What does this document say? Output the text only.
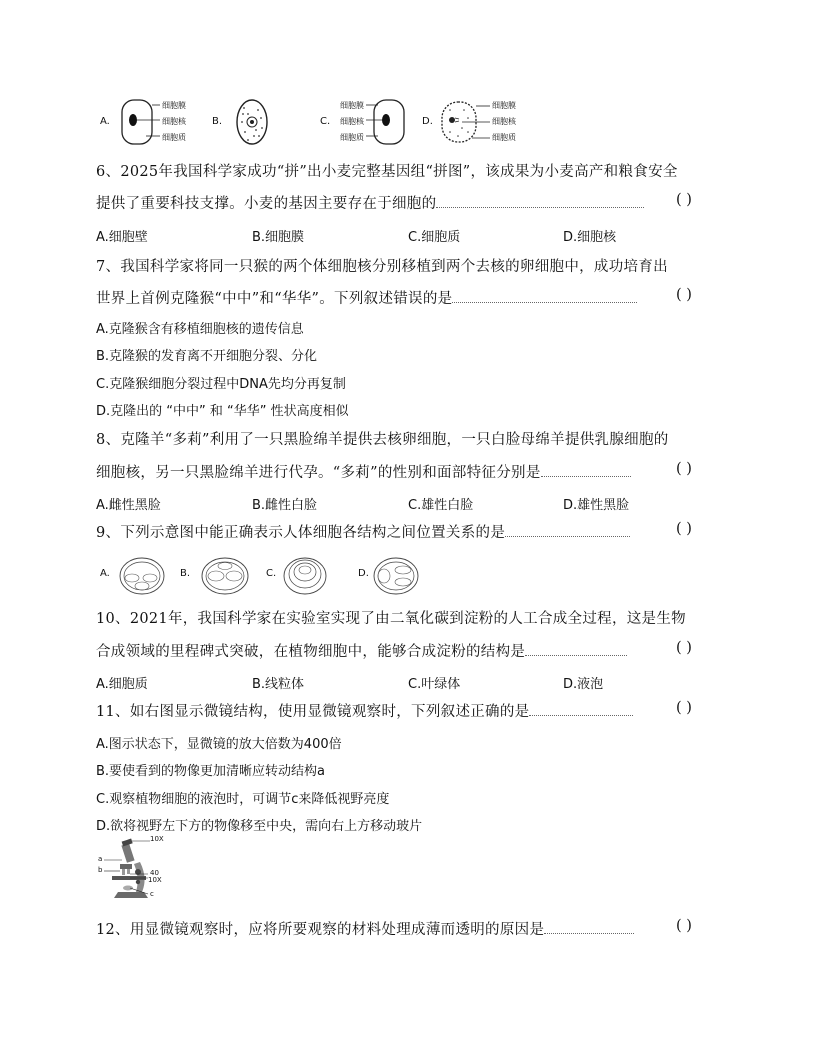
A.
细胞膜
细胞核
细胞质
B.	C.
细胞膜
细胞核
细胞质
D.
细胞膜
细胞核
细胞质
6、2025年我国科学家成功“拼”出小麦完整基因组“拼图”，该成果为小麦高产和粮食安全
提供了重要科技支撑。小麦的基因主要存在于细胞的	( )
A.细胞壁	B.细胞膜	C.细胞质	D.细胞核
7、我国科学家将同一只猴的两个体细胞核分别移植到两个去核的卵细胞中，成功培育出
世界上首例克隆猴“中中”和“华华”。下列叙述错误的是	( )
A.克隆猴含有移植细胞核的遗传信息
B.克隆猴的发育离不开细胞分裂、分化
C.克隆猴细胞分裂过程中DNA先均分再复制
D.克隆出的 “中中” 和 “华华” 性状高度相似
8、克隆羊“多莉”利用了一只黑脸绵羊提供去核卵细胞，一只白脸母绵羊提供乳腺细胞的
细胞核，另一只黑脸绵羊进行代孕。“多莉”的性别和面部特征分别是	( )
A.雌性黑脸	B.雌性白脸	C.雄性白脸	D.雄性黑脸
9、下列示意图中能正确表示人体细胞各结构之间位置关系的是	( )
A.	B.	C.	D.
10、2021年，我国科学家在实验室实现了由二氧化碳到淀粉的人工合成全过程，这是生物
合成领域的里程碑式突破，在植物细胞中，能够合成淀粉的结构是	( )
A.细胞质	B.线粒体	C.叶绿体	D.液泡
11、如右图显示微镜结构，使用显微镜观察时，下列叙述正确的是	( )
A.图示状态下，显微镜的放大倍数为400倍
B.要使看到的物像更加清晰应转动结构a
C.观察植物细胞的液泡时，可调节c来降低视野亮度
D.欲将视野左下方的物像移至中央，需向右上方移动玻片
10X
a
b	40
10X
c
12、用显微镜观察时，应将所要观察的材料处理成薄而透明的原因是	( )
